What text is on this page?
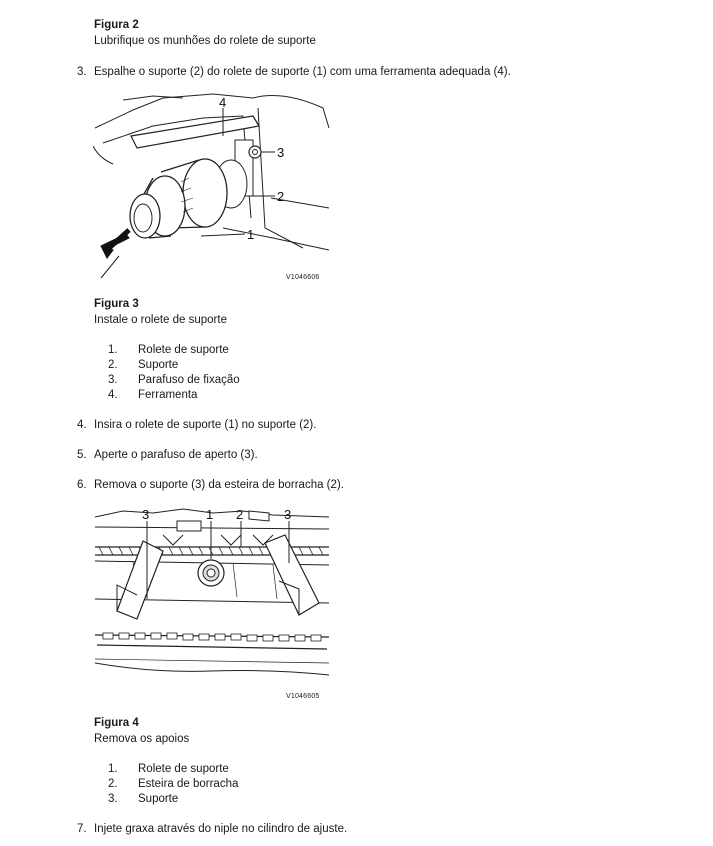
Figura 2
Lubrifique os munhões do rolete de suporte
3. Espalhe o suporte (2) do rolete de suporte (1) com uma ferramenta adequada (4).
4
3
2
1
V1046606
Figura 3
Instale o rolete de suporte
1. Rolete de suporte
2. Suporte
3. Parafuso de fixação
4. Ferramenta
4. Insira o rolete de suporte (1) no suporte (2).
5. Aperte o parafuso de aperto (3).
6. Remova o suporte (3) da esteira de borracha (2).
3	1 2	3
V1046605
Figura 4
Remova os apoios
1. Rolete de suporte
2. Esteira de borracha
3. Suporte
7. Injete graxa através do niple no cilindro de ajuste.
